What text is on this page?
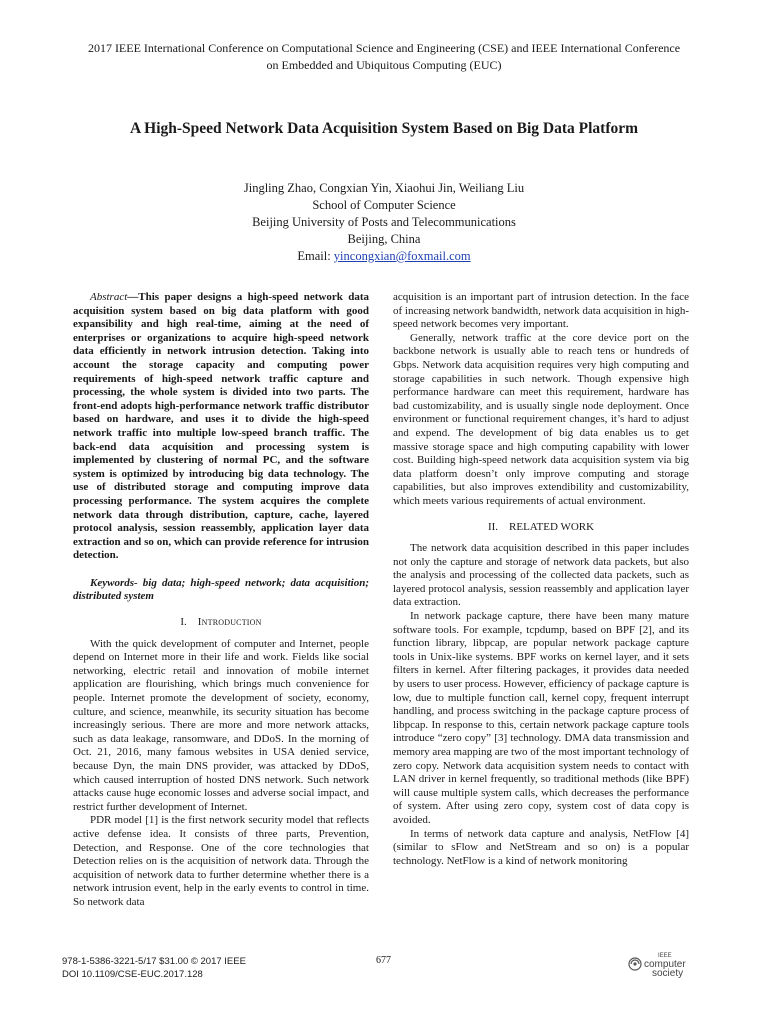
2017 IEEE International Conference on Computational Science and Engineering (CSE) and IEEE International Conference
on Embedded and Ubiquitous Computing (EUC)
A High-Speed Network Data Acquisition System Based on Big Data Platform
Jingling Zhao, Congxian Yin, Xiaohui Jin, Weiliang Liu
School of Computer Science
Beijing University of Posts and Telecommunications
Beijing, China
Email: yincongxian@foxmail.com

Abstract—This paper designs a high-speed network data acquisition system based on big data platform with good expansibility and high real-time, aiming at the need of enterprises or organizations to acquire high-speed network data efficiently in network intrusion detection. Taking into account the storage capacity and computing power requirements of high-speed network traffic capture and processing, the whole system is divided into two parts. The front-end adopts high-performance network traffic distributor based on hardware, and uses it to divide the high-speed network traffic into multiple low-speed branch traffic. The back-end data acquisition and processing system is implemented by clustering of normal PC, and the software system is optimized by introducing big data technology. The use of distributed storage and computing improve data processing performance. The system acquires the complete network data through distribution, capture, cache, layered protocol analysis, session reassembly, application layer data extraction and so on, which can provide reference for intrusion detection.

Keywords- big data; high-speed network; data acquisition; distributed system

I. Introduction

With the quick development of computer and Internet, people depend on Internet more in their life and work. Fields like social networking, electric retail and innovation of mobile internet application are flourishing, which brings much convenience for people. Internet promote the development of society, economy, culture, and science, meanwhile, its security situation has become increasingly serious. There are more and more network attacks, such as data leakage, ransomware, and DDoS. In the morning of Oct. 21, 2016, many famous websites in USA denied service, because Dyn, the main DNS provider, was attacked by DDoS, which caused interruption of hosted DNS network. Such network attacks cause huge economic losses and adverse social impact, and restrict further development of Internet.

PDR model [1] is the first network security model that reflects active defense idea. It consists of three parts, Prevention, Detection, and Response. One of the core technologies that Detection relies on is the acquisition of network data. Through the acquisition of network data to further determine whether there is a network intrusion event, help in the early events to control in time. So network data

acquisition is an important part of intrusion detection. In the face of increasing network bandwidth, network data acquisition in high-speed network becomes very important.

Generally, network traffic at the core device port on the backbone network is usually able to reach tens or hundreds of Gbps. Network data acquisition requires very high computing and storage capabilities in such network. Though expensive high performance hardware can meet this requirement, hardware has bad customizability, and is usually single node deployment. Once environment or functional requirement changes, it’s hard to adjust and expend. The development of big data enables us to get massive storage space and high computing capability with lower cost. Building high-speed network data acquisition system via big data platform doesn’t only improve computing and storage capabilities, but also improves extendibility and customizability, which meets various requirements of actual environment.

II. RELATED WORK

The network data acquisition described in this paper includes not only the capture and storage of network data packets, but also the analysis and processing of the collected data packets, such as layered protocol analysis, session reassembly and application layer data extraction.

In network package capture, there have been many mature software tools. For example, tcpdump, based on BPF [2], and its function library, libpcap, are popular network package capture tools in Unix-like systems. BPF works on kernel layer, and it sets filters in kernel. After filtering packages, it provides data needed by users to user process. However, efficiency of package capture is low, due to multiple function call, kernel copy, frequent interrupt handling, and process switching in the package capture process of libpcap. In response to this, certain network package capture tools introduce “zero copy” [3] technology. DMA data transmission and memory area mapping are two of the most important technology of zero copy. Network data acquisition system needs to contact with LAN driver in kernel frequently, so traditional methods (like BPF) will cause multiple system calls, which decreases the performance of system. After using zero copy, system cost of data copy is avoided.

In terms of network data capture and analysis, NetFlow [4] (similar to sFlow and NetStream and so on) is a popular technology. NetFlow is a kind of network monitoring

978-1-5386-3221-5/17 $31.00 © 2017 IEEE
DOI 10.1109/CSE-EUC.2017.128
677	IEEE
computer
society
